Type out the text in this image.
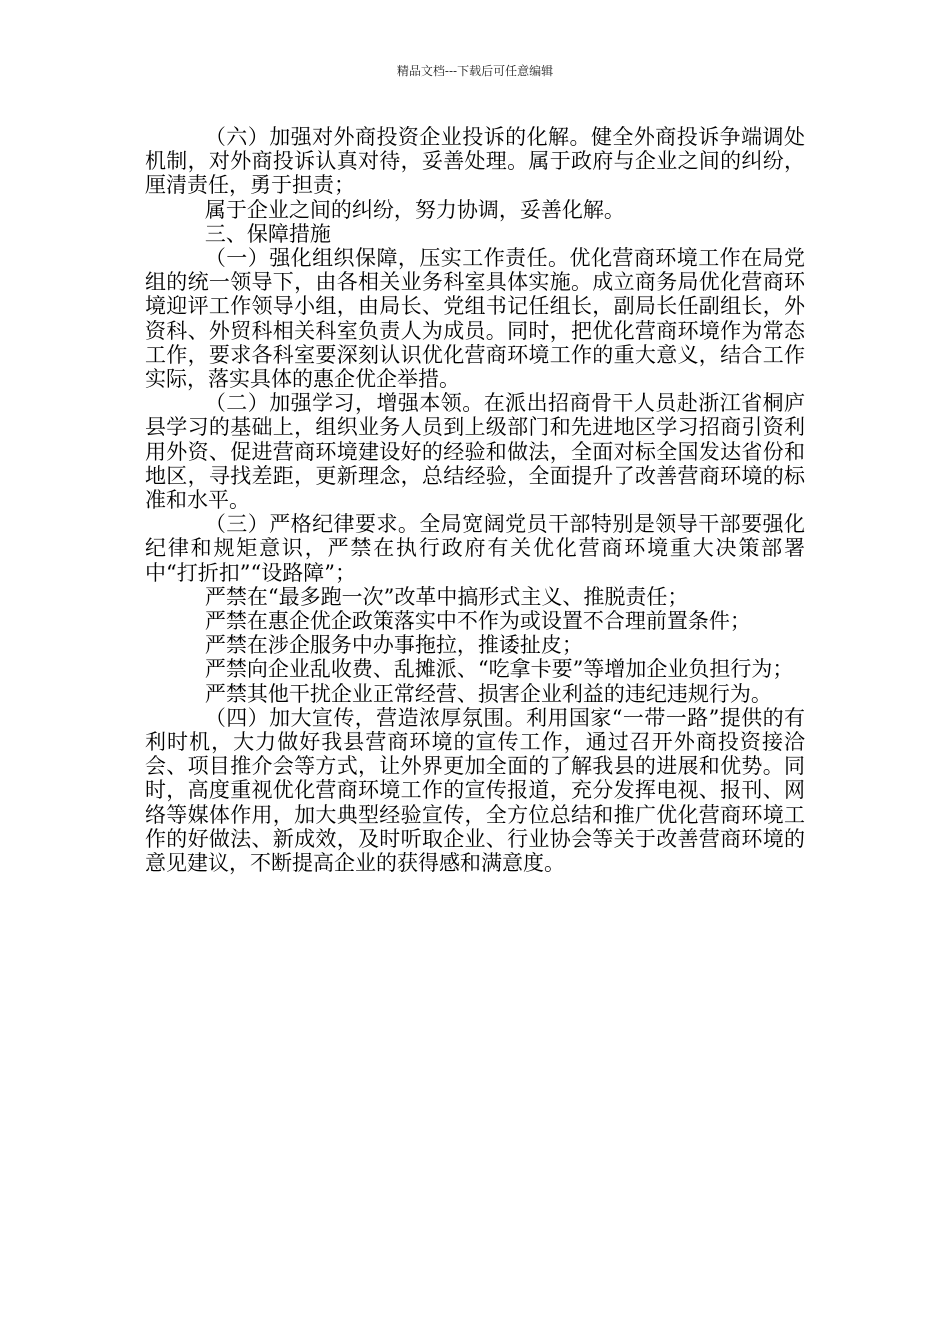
精品文档---下载后可任意编辑

（六）加强对外商投资企业投诉的化解。健全外商投诉争端调处机制，对外商投诉认真对待，妥善处理。属于政府与企业之间的纠纷，厘清责任，勇于担责；

属于企业之间的纠纷，努力协调，妥善化解。

三、保障措施

（一）强化组织保障，压实工作责任。优化营商环境工作在局党组的统一领导下，由各相关业务科室具体实施。成立商务局优化营商环境迎评工作领导小组，由局长、党组书记任组长，副局长任副组长，外资科、外贸科相关科室负责人为成员。同时，把优化营商环境作为常态工作，要求各科室要深刻认识优化营商环境工作的重大意义，结合工作实际，落实具体的惠企优企举措。

（二）加强学习，增强本领。在派出招商骨干人员赴浙江省桐庐县学习的基础上，组织业务人员到上级部门和先进地区学习招商引资利用外资、促进营商环境建设好的经验和做法，全面对标全国发达省份和地区，寻找差距，更新理念，总结经验，全面提升了改善营商环境的标准和水平。

（三）严格纪律要求。全局宽阔党员干部特别是领导干部要强化纪律和规矩意识，严禁在执行政府有关优化营商环境重大决策部署中“打折扣”“设路障”；

严禁在“最多跑一次”改革中搞形式主义、推脱责任；

严禁在惠企优企政策落实中不作为或设置不合理前置条件；

严禁在涉企服务中办事拖拉，推诿扯皮；

严禁向企业乱收费、乱摊派、“吃拿卡要”等增加企业负担行为；

严禁其他干扰企业正常经营、损害企业利益的违纪违规行为。

（四）加大宣传，营造浓厚氛围。利用国家“一带一路”提供的有利时机，大力做好我县营商环境的宣传工作，通过召开外商投资接洽会、项目推介会等方式，让外界更加全面的了解我县的进展和优势。同时，高度重视优化营商环境工作的宣传报道，充分发挥电视、报刊、网络等媒体作用，加大典型经验宣传，全方位总结和推广优化营商环境工作的好做法、新成效，及时听取企业、行业协会等关于改善营商环境的意见建议，不断提高企业的获得感和满意度。
